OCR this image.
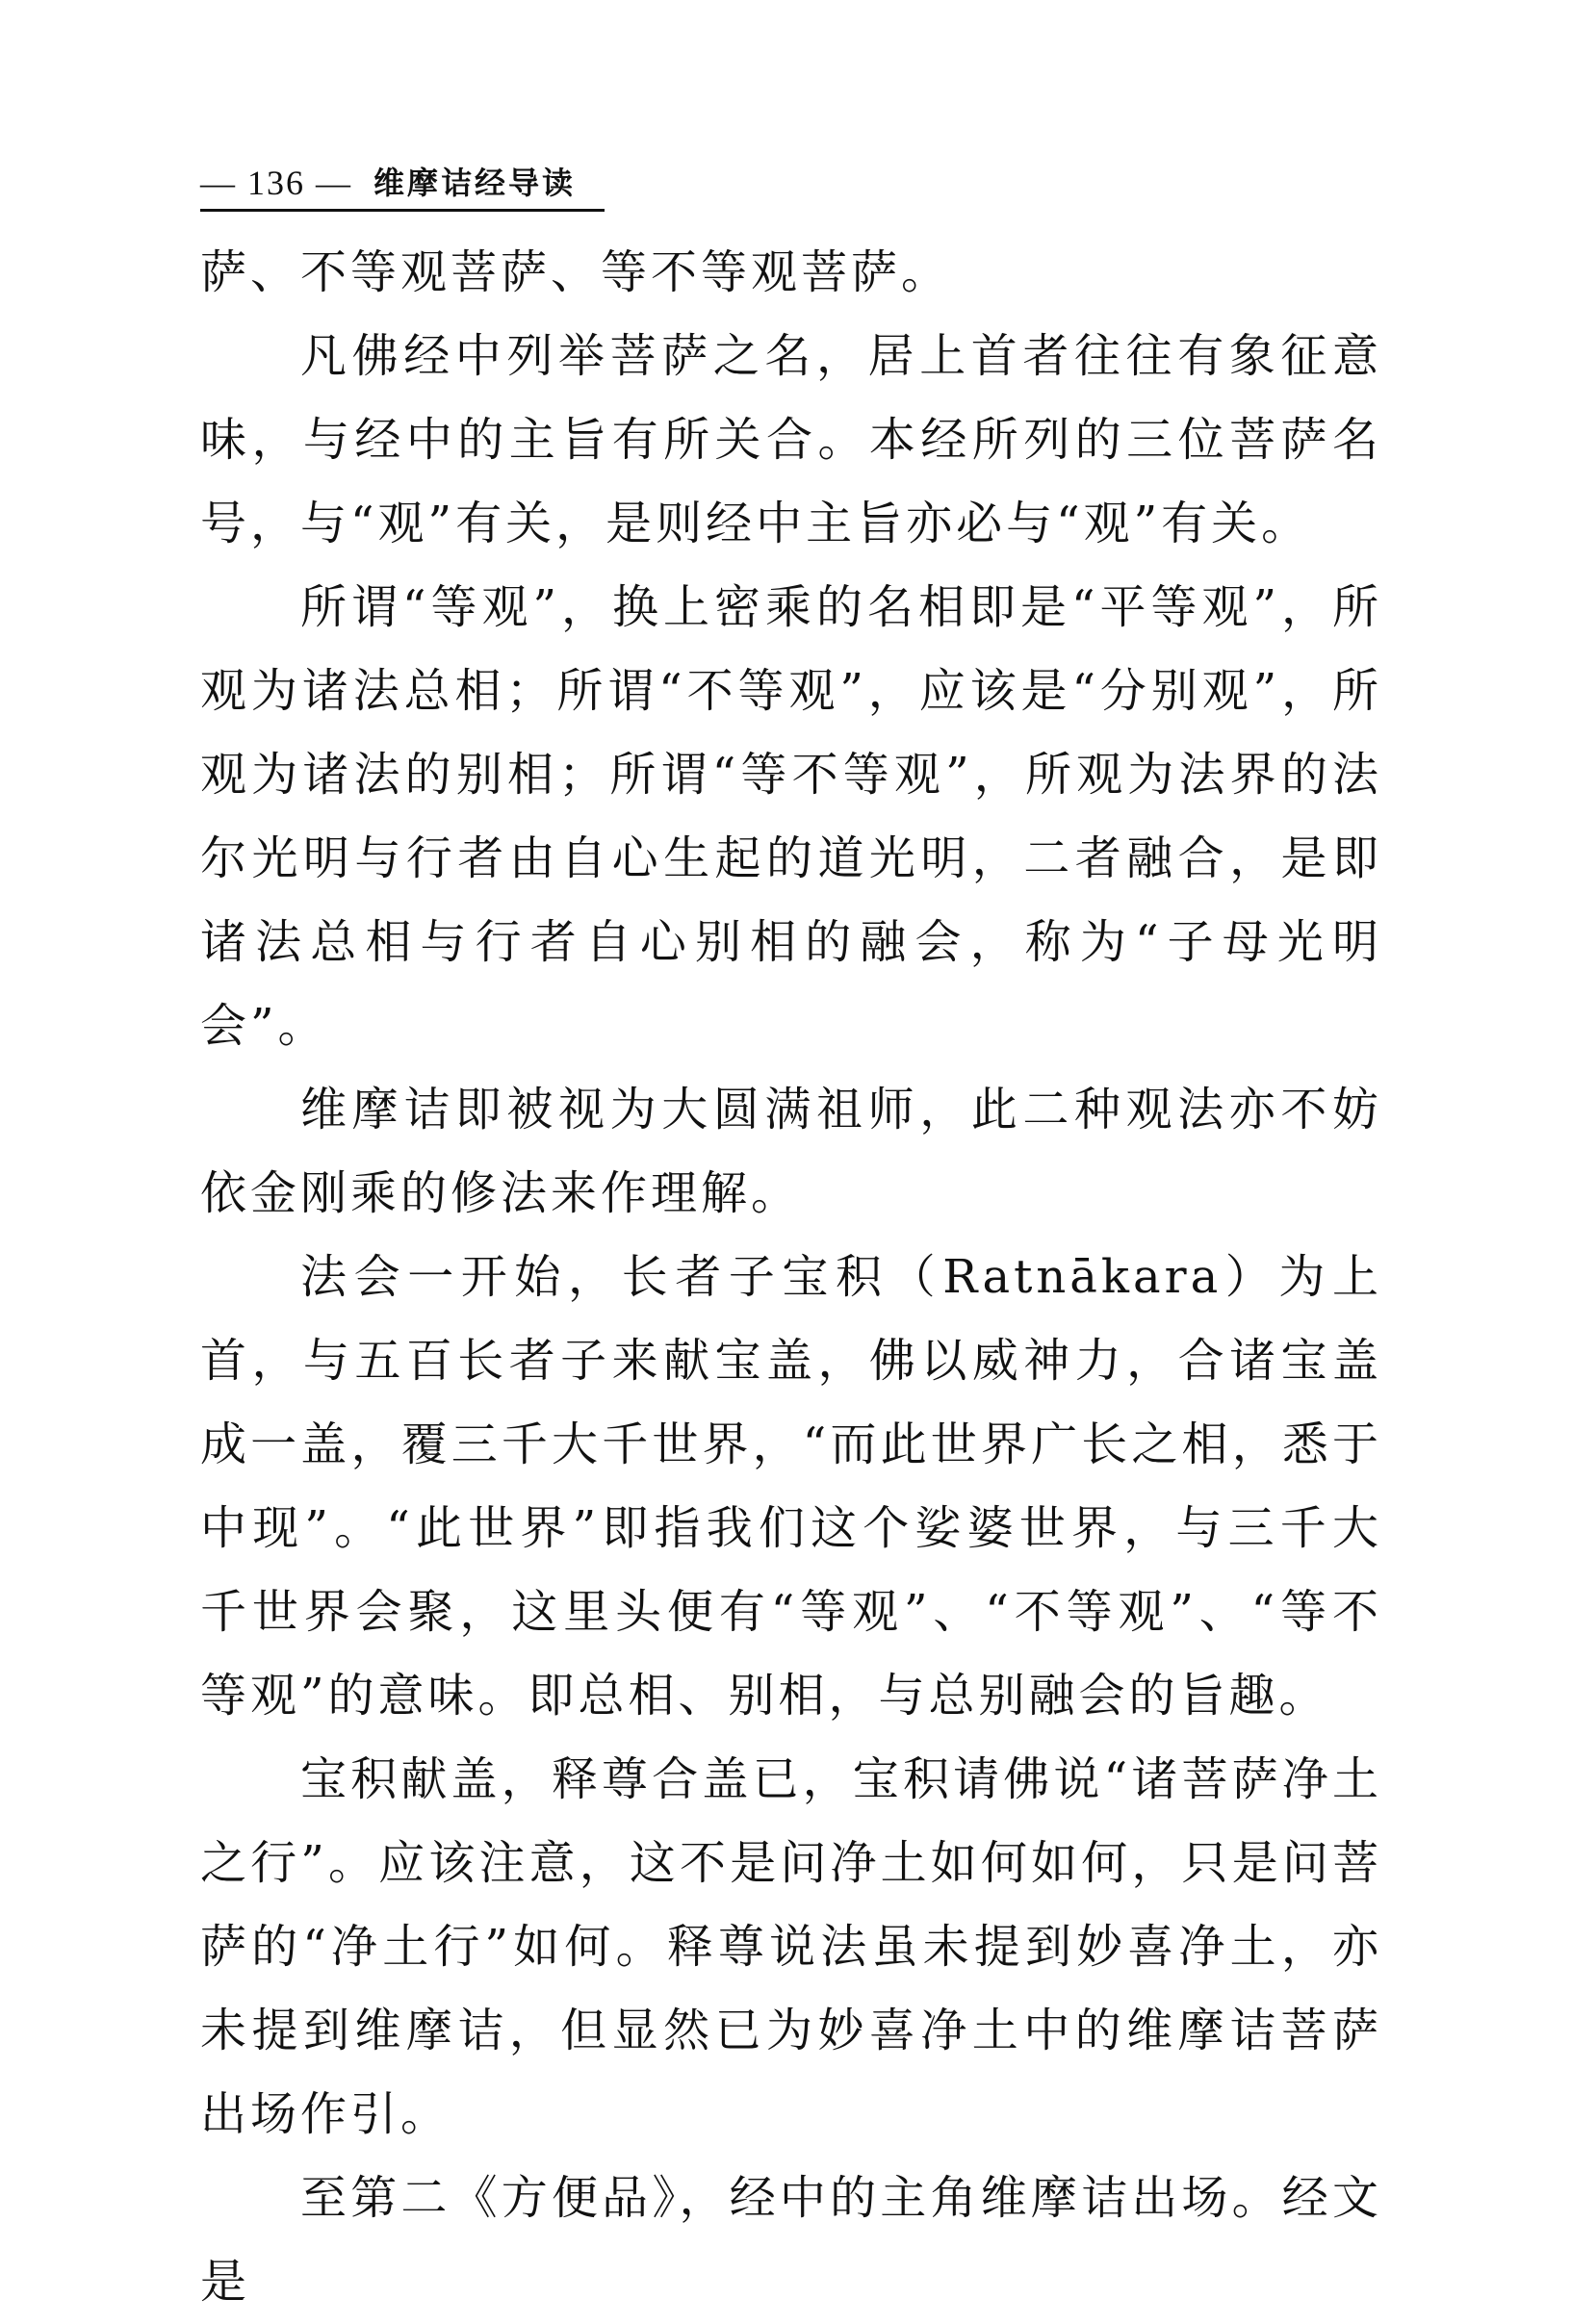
— 136 — 维摩诘经导读

萨、不等观菩萨、等不等观菩萨。

凡佛经中列举菩萨之名，居上首者往往有象征意味，与经中的主旨有所关合。本经所列的三位菩萨名号，与“观”有关，是则经中主旨亦必与“观”有关。

所谓“等观”，换上密乘的名相即是“平等观”，所观为诸法总相；所谓“不等观”，应该是“分别观”，所观为诸法的别相；所谓“等不等观”，所观为法界的法尔光明与行者由自心生起的道光明，二者融合，是即诸法总相与行者自心别相的融会，称为“子母光明会”。

维摩诘即被视为大圆满祖师，此二种观法亦不妨依金刚乘的修法来作理解。

法会一开始，长者子宝积（Ratnākara）为上首，与五百长者子来献宝盖，佛以威神力，合诸宝盖成一盖，覆三千大千世界，“而此世界广长之相，悉于中现”。“此世界”即指我们这个娑婆世界，与三千大千世界会聚，这里头便有“等观”、“不等观”、“等不等观”的意味。即总相、别相，与总别融会的旨趣。

宝积献盖，释尊合盖已，宝积请佛说“诸菩萨净土之行”。应该注意，这不是问净土如何如何，只是问菩萨的“净土行”如何。释尊说法虽未提到妙喜净土，亦未提到维摩诘，但显然已为妙喜净土中的维摩诘菩萨出场作引。

至第二《方便品》，经中的主角维摩诘出场。经文是
